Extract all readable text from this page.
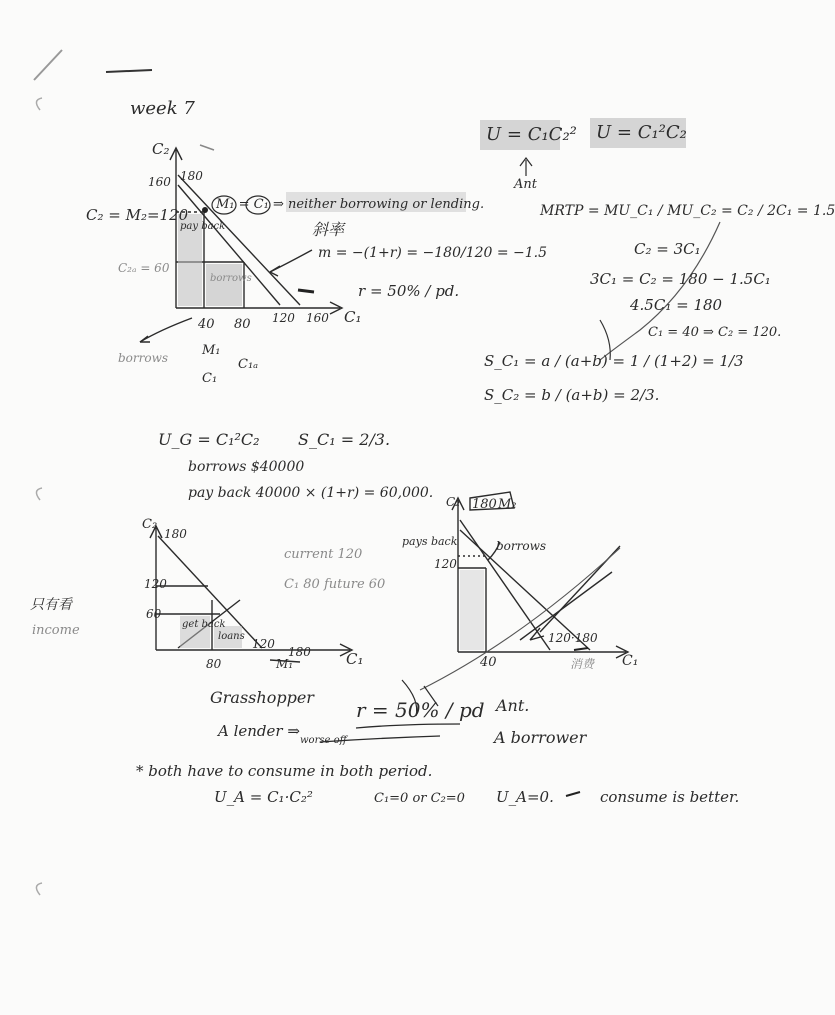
week 7
U = C₁C₂²
Ant
U = C₁²C₂
C₂
160 180
C₂ = M₂=120
C₂ₐ = 60
pay back
borrows
40 80 120 160 C₁
M₁
C₁
C₁ₐ
borrows
M₁ = C₁ ⇒ neither borrowing or lending.
斜率
m = −(1+r) = −180/120 = −1.5
r = 50% / pd.
MRTP = MU_C₁ / MU_C₂ = C₂ / 2C₁ = 1.5
C₂ = 3C₁
3C₁ = C₂ = 180 − 1.5C₁
4.5C₁ = 180
C₁ = 40 ⇒ C₂ = 120.
S_C₁ = a / (a+b) = 1 / (1+2) = 1/3
S_C₂ = b / (a+b) = 2/3.
U_G = C₁²C₂ S_C₁ = 2/3.
borrows $40000
pay back 40000 × (1+r) = 60,000.
C₂
180
120
60
get back
loans
80
120
180
M₁	C₁
current 120
C₁ 80 future 60
只有看
income
C₂ 180 M₂
pays back
120
borrows
40
120·180
消费 C₁
Grasshopper
A lender ⇒
worse off
r = 50% / pd Ant.
A borrower
* both have to consume in both period.
U_A = C₁·C₂²	C₁=0 or C₂=0 U_A=0.	consume is better.
